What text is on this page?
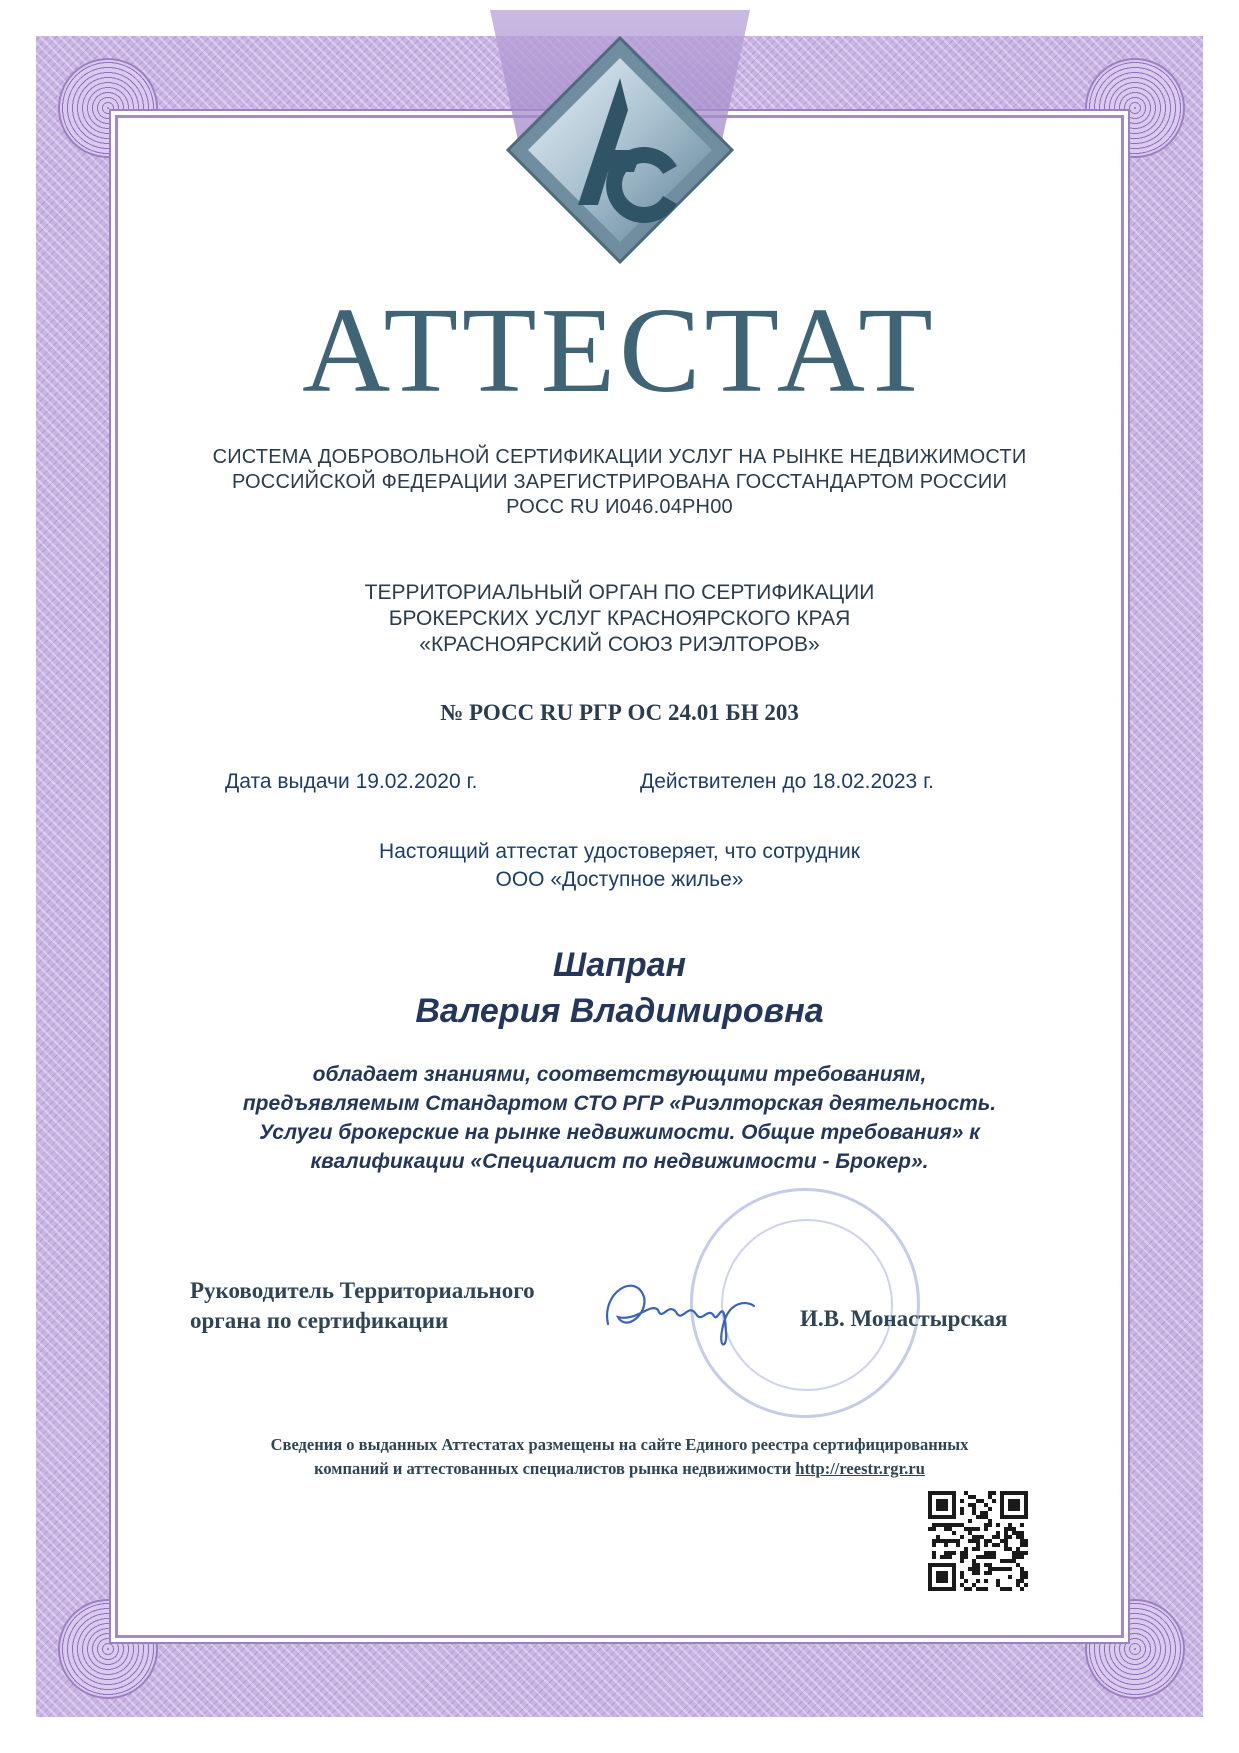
АТТЕСТАТ
СИСТЕМА ДОБРОВОЛЬНОЙ СЕРТИФИКАЦИИ УСЛУГ НА РЫНКЕ НЕДВИЖИМОСТИ
РОССИЙСКОЙ ФЕДЕРАЦИИ ЗАРЕГИСТРИРОВАНА ГОССТАНДАРТОМ РОССИИ
РОСС RU И046.04РН00
ТЕРРИТОРИАЛЬНЫЙ ОРГАН ПО СЕРТИФИКАЦИИ
БРОКЕРСКИХ УСЛУГ КРАСНОЯРСКОГО КРАЯ
«КРАСНОЯРСКИЙ СОЮЗ РИЭЛТОРОВ»
№ РОСС RU РГР ОС 24.01 БН 203
Дата выдачи 19.02.2020 г.	Действителен до 18.02.2023 г.
Настоящий аттестат удостоверяет, что сотрудник
ООО «Доступное жилье»
Шапран
Валерия Владимировна
обладает знаниями, соответствующими требованиям,
предъявляемым Стандартом СТО РГР «Риэлторская деятельность.
Услуги брокерские на рынке недвижимости. Общие требования» к
квалификации «Специалист по недвижимости - Брокер».
Руководитель Территориального
органа по сертификации	И.В. Монастырская
Сведения о выданных Аттестатах размещены на сайте Единого реестра сертифицированных
компаний и аттестованных специалистов рынка недвижимости http://reestr.rgr.ru
